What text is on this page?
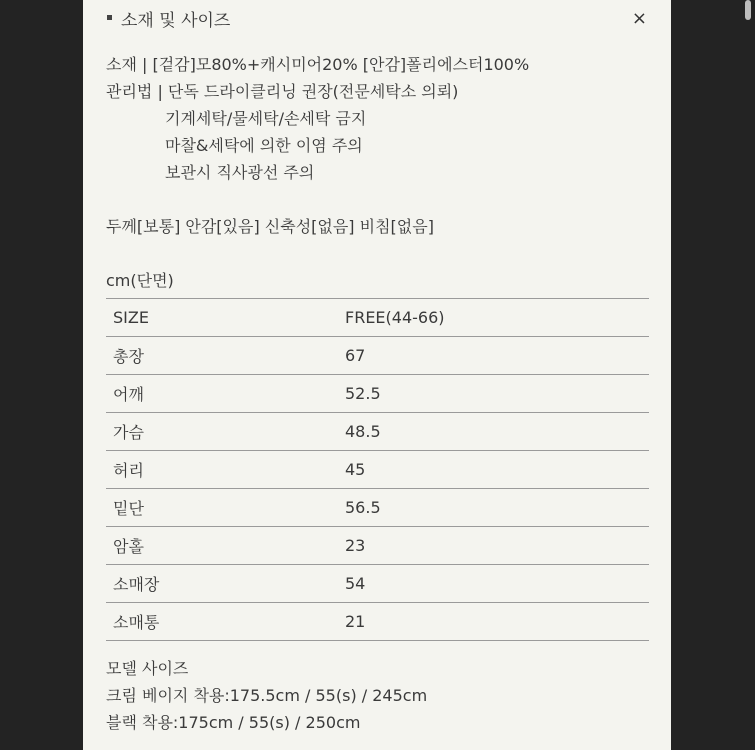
소재 및 사이즈	×
소재 | [겉감]모80%+캐시미어20% [안감]폴리에스터100%
관리법 | 단독 드라이클리닝 권장(전문세탁소 의뢰)
기계세탁/물세탁/손세탁 금지
마찰&세탁에 의한 이염 주의
보관시 직사광선 주의
두께[보통] 안감[있음] 신축성[없음] 비침[없음]
cm(단면)
SIZE	FREE(44-66)
총장	67
어깨	52.5
가슴	48.5
허리	45
밑단	56.5
암홀	23
소매장	54
소매통	21
모델 사이즈
크림 베이지 착용:175.5cm / 55(s) / 245cm
블랙 착용:175cm / 55(s) / 250cm
